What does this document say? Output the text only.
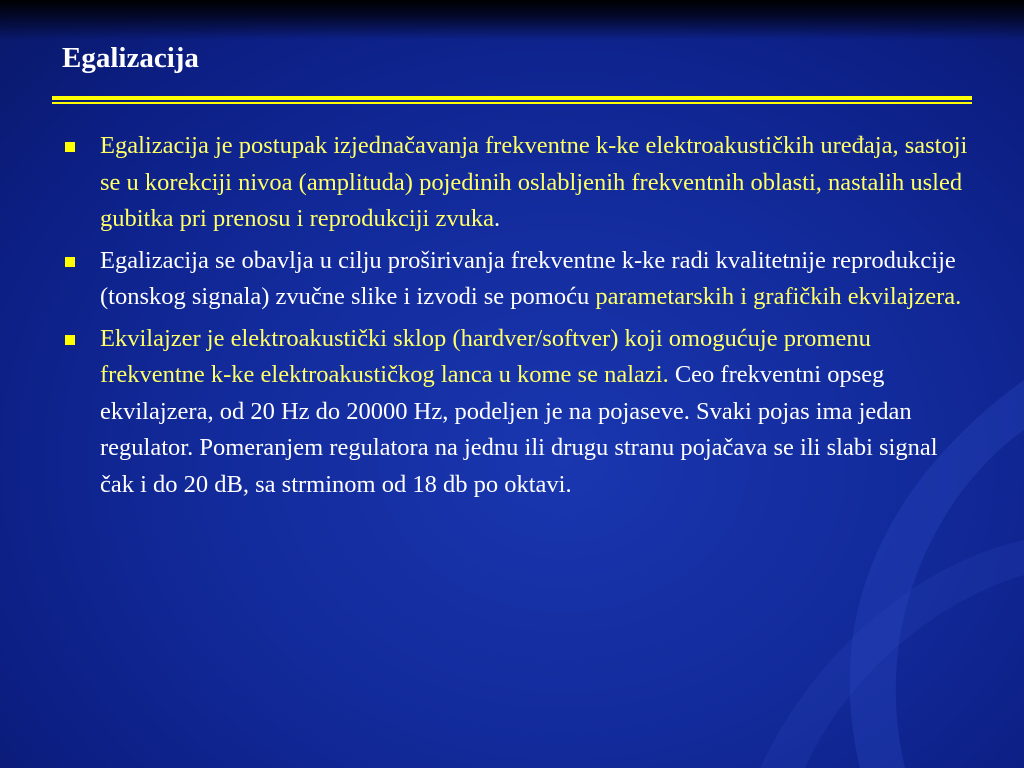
Egalizacija
Egalizacija je postupak izjednačavanja frekventne k-ke elektroakustičkih uređaja, sastoji se u korekciji nivoa (amplituda) pojedinih oslabljenih frekventnih oblasti, nastalih usled gubitka pri prenosu i reprodukciji zvuka.
Egalizacija se obavlja u cilju proširivanja frekventne k-ke radi kvalitetnije reprodukcije (tonskog signala) zvučne slike i izvodi se pomoću parametarskih i grafičkih ekvilajzera.
Ekvilajzer je elektroakustički sklop (hardver/softver) koji omogućuje promenu frekventne k-ke elektroakustičkog lanca u kome se nalazi. Ceo frekventni opseg ekvilajzera, od 20 Hz do 20000 Hz, podeljen je na pojaseve. Svaki pojas ima jedan regulator. Pomeranjem regulatora na jednu ili drugu stranu pojačava se ili slabi signal čak i do 20 dB, sa strminom od 18 db po oktavi.
